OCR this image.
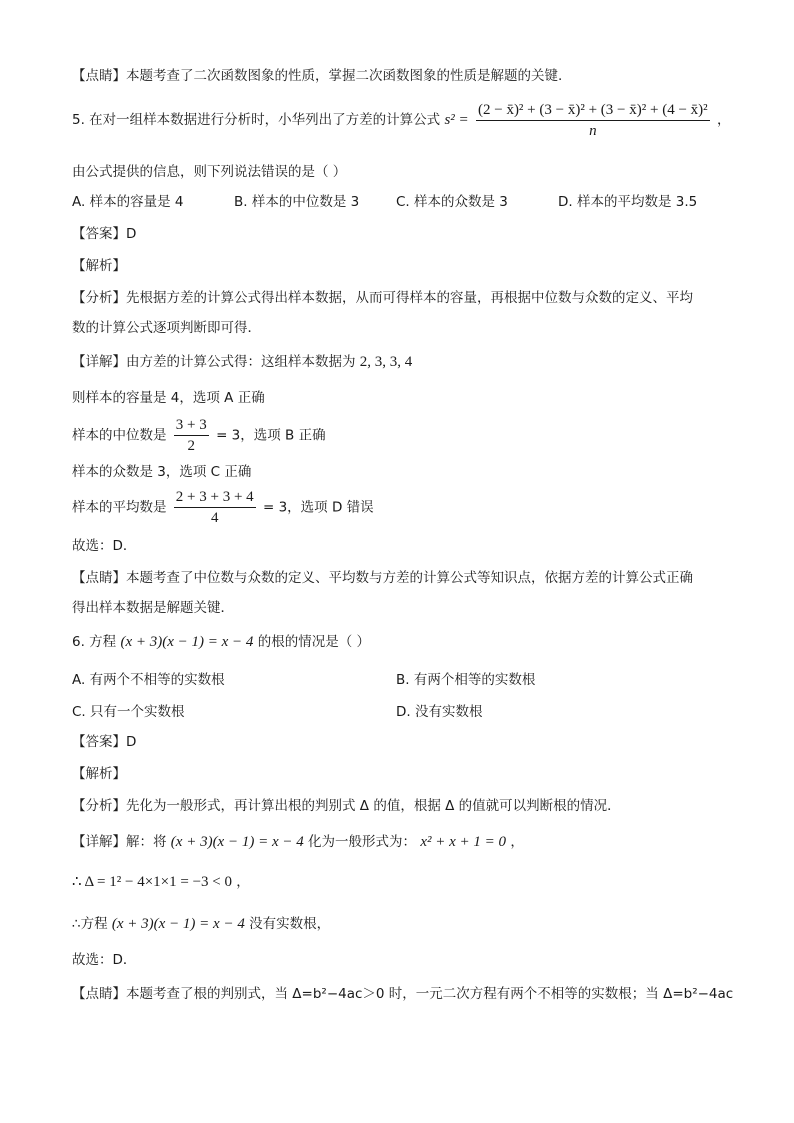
【点睛】本题考查了二次函数图象的性质，掌握二次函数图象的性质是解题的关键.
5. 在对一组样本数据进行分析时，小华列出了方差的计算公式 $s^2 = \frac{\text{(2 − x̄)² + (3 − x̄)² + (3 − x̄)² + (4 − x̄)²}}{n}$ ，
由公式提供的信息，则下列说法错误的是（ ）
A. 样本的容量是 4	B. 样本的中位数是 3	C. 样本的众数是 3	D. 样本的平均数是 3.5
【答案】D
【解析】
【分析】先根据方差的计算公式得出样本数据，从而可得样本的容量，再根据中位数与众数的定义、平均
数的计算公式逐项判断即可得．
【详解】由方差的计算公式得：这组样本数据为 2, 3, 3, 4
则样本的容量是 4，选项 A 正确
样本的中位数是 $\frac{3 + 3}{2} = 3$，选项 B 正确
样本的众数是 3，选项 C 正确
样本的平均数是 $\frac{2 + 3 + 3 + 4}{4} = 3$，选项 D 错误
故选：D．
【点睛】本题考查了中位数与众数的定义、平均数与方差的计算公式等知识点，依据方差的计算公式正确
得出样本数据是解题关键．
6. 方程 (x + 3)(x − 1) = x − 4 的根的情况是（ ）
A. 有两个不相等的实数根	B. 有两个相等的实数根
C. 只有一个实数根	D. 没有实数根
【答案】D
【解析】
【分析】先化为一般形式，再计算出根的判别式 Δ 的值，根据 Δ 的值就可以判断根的情况．
【详解】解：将 (x + 3)(x − 1) = x − 4 化为一般形式为： x² + x + 1 = 0 ，
∴ Δ = 1² − 4×1×1 = −3 < 0 ，
∴方程 (x + 3)(x − 1) = x − 4 没有实数根，
故选：D．
【点睛】本题考查了根的判别式，当 Δ=b²−4ac＞0 时，一元二次方程有两个不相等的实数根；当 Δ=b²−4ac
